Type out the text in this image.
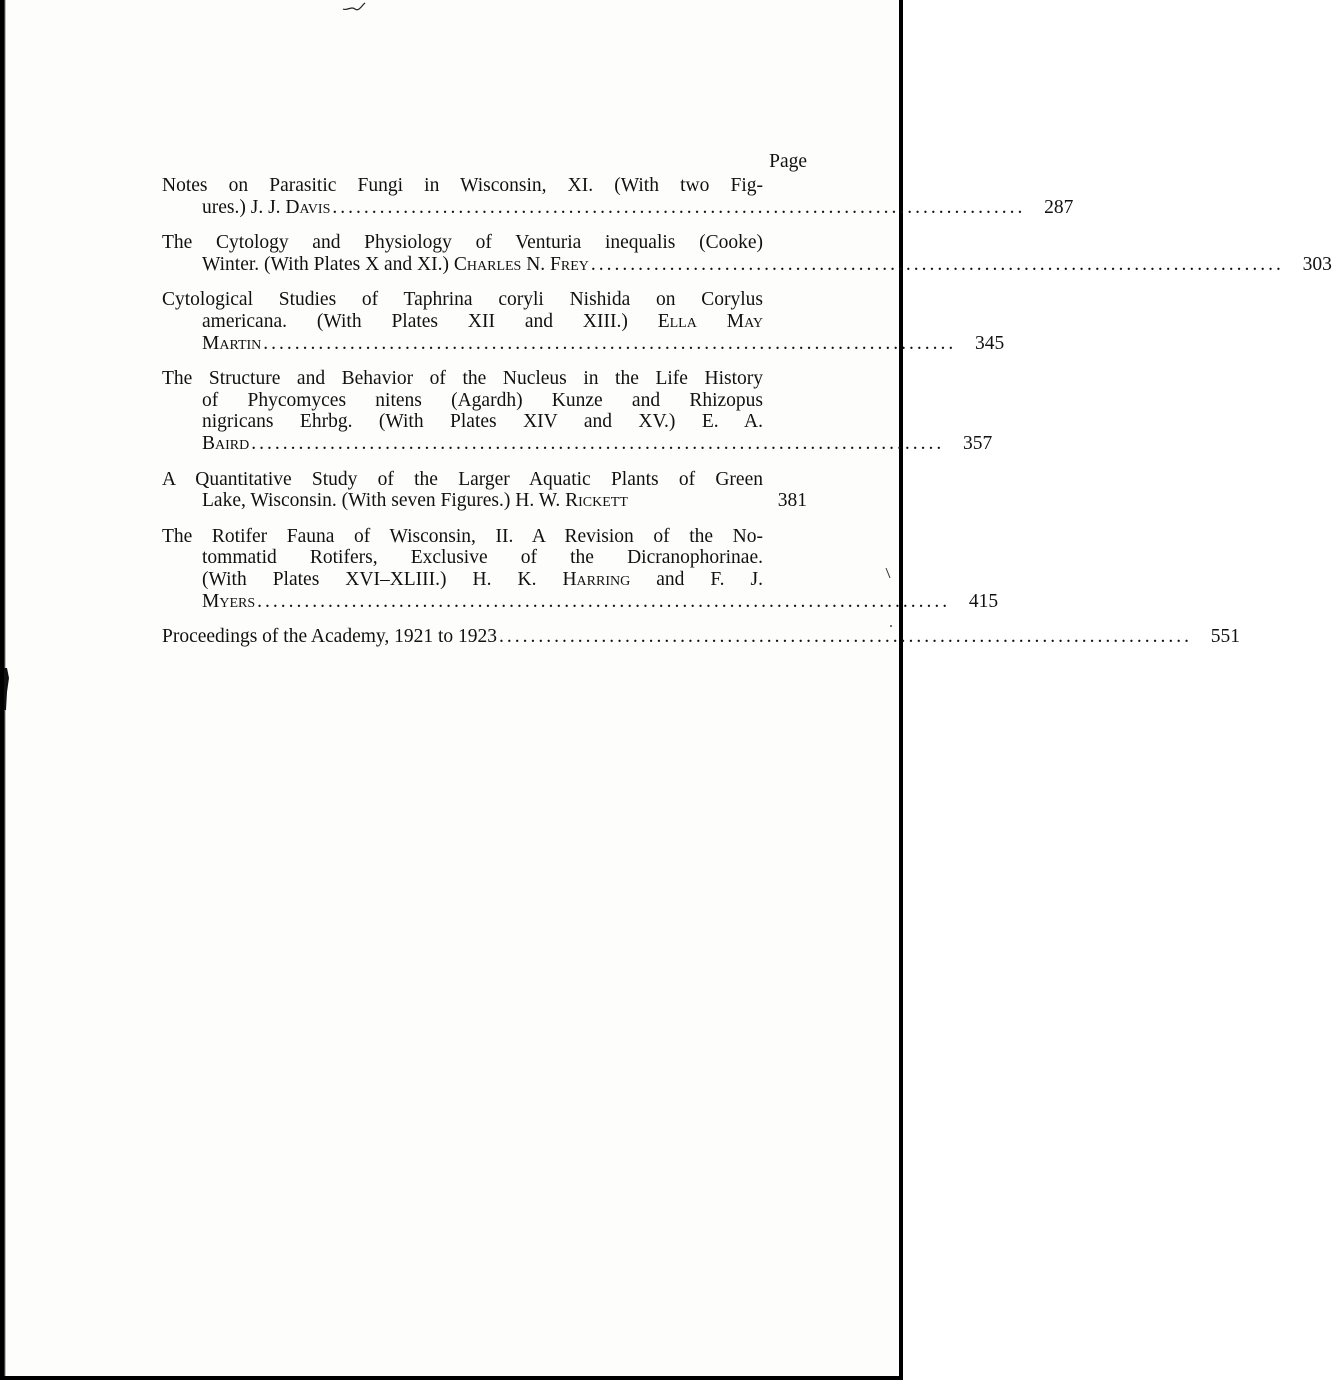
Page
Notes on Parasitic Fungi in Wisconsin, XI. (With two Fig-
ures.) J. J. Davis ........................................................................................ 287
The Cytology and Physiology of Venturia inequalis (Cooke)
Winter. (With Plates X and XI.) Charles N. Frey ........................................................................................ 303
Cytological Studies of Taphrina coryli Nishida on Corylus
americana. (With Plates XII and XIII.) Ella May
Martin ........................................................................................ 345
The Structure and Behavior of the Nucleus in the Life History
of Phycomyces nitens (Agardh) Kunze and Rhizopus
nigricans Ehrbg. (With Plates XIV and XV.) E. A.
Baird ........................................................................................ 357
A Quantitative Study of the Larger Aquatic Plants of Green
Lake, Wisconsin. (With seven Figures.) H. W. Rickett	381
The Rotifer Fauna of Wisconsin, II. A Revision of the No-
tommatid Rotifers, Exclusive of the Dicranophorinae.
(With Plates XVI–XLIII.) H. K. Harring and F. J.
Myers ........................................................................................ 415
Proceedings of the Academy, 1921 to 1923 ........................................................................................ 551
